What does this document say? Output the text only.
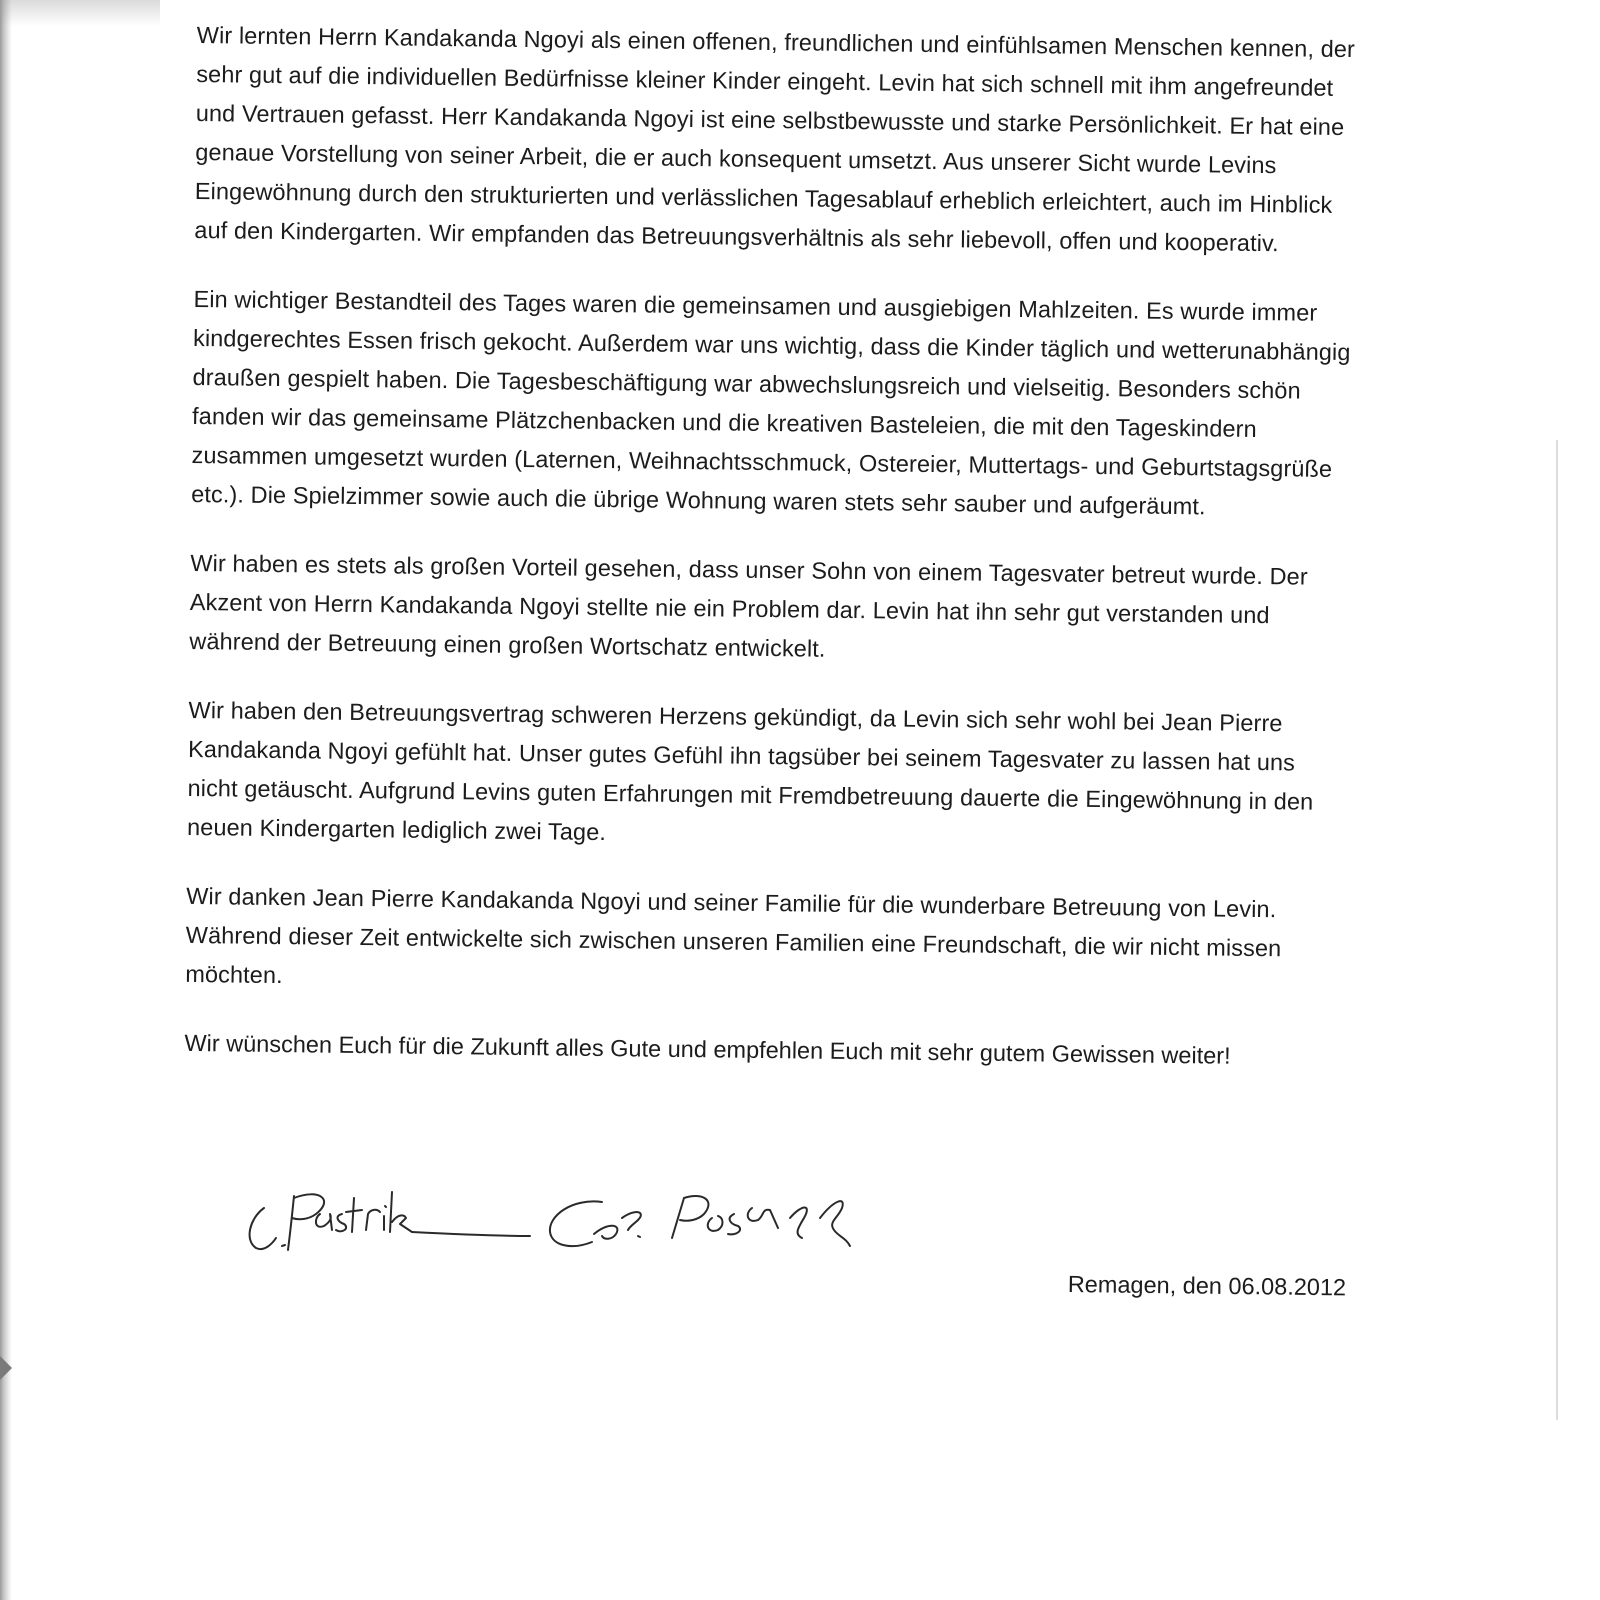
Wir lernten Herrn Kandakanda Ngoyi als einen offenen, freundlichen und einfühlsamen Menschen kennen, der sehr gut auf die individuellen Bedürfnisse kleiner Kinder eingeht. Levin hat sich schnell mit ihm angefreundet und Vertrauen gefasst. Herr Kandakanda Ngoyi ist eine selbstbewusste und starke Persönlichkeit. Er hat eine genaue Vorstellung von seiner Arbeit, die er auch konsequent umsetzt. Aus unserer Sicht wurde Levins Eingewöhnung durch den strukturierten und verlässlichen Tagesablauf erheblich erleichtert, auch im Hinblick auf den Kindergarten. Wir empfanden das Betreuungsverhältnis als sehr liebevoll, offen und kooperativ.

Ein wichtiger Bestandteil des Tages waren die gemeinsamen und ausgiebigen Mahlzeiten. Es wurde immer kindgerechtes Essen frisch gekocht. Außerdem war uns wichtig, dass die Kinder täglich und wetterunabhängig draußen gespielt haben. Die Tagesbeschäftigung war abwechslungsreich und vielseitig. Besonders schön fanden wir das gemeinsame Plätzchenbacken und die kreativen Basteleien, die mit den Tageskindern zusammen umgesetzt wurden (Laternen, Weihnachtsschmuck, Ostereier, Muttertags- und Geburtstagsgrüße etc.). Die Spielzimmer sowie auch die übrige Wohnung waren stets sehr sauber und aufgeräumt.

Wir haben es stets als großen Vorteil gesehen, dass unser Sohn von einem Tagesvater betreut wurde. Der Akzent von Herrn Kandakanda Ngoyi stellte nie ein Problem dar. Levin hat ihn sehr gut verstanden und während der Betreuung einen großen Wortschatz entwickelt.

Wir haben den Betreuungsvertrag schweren Herzens gekündigt, da Levin sich sehr wohl bei Jean Pierre Kandakanda Ngoyi gefühlt hat. Unser gutes Gefühl ihn tagsüber bei seinem Tagesvater zu lassen hat uns nicht getäuscht. Aufgrund Levins guten Erfahrungen mit Fremdbetreuung dauerte die Eingewöhnung in den neuen Kindergarten lediglich zwei Tage.

Wir danken Jean Pierre Kandakanda Ngoyi und seiner Familie für die wunderbare Betreuung von Levin. Während dieser Zeit entwickelte sich zwischen unseren Familien eine Freundschaft, die wir nicht missen möchten.

Wir wünschen Euch für die Zukunft alles Gute und empfehlen Euch mit sehr gutem Gewissen weiter!

Remagen, den 06.08.2012
